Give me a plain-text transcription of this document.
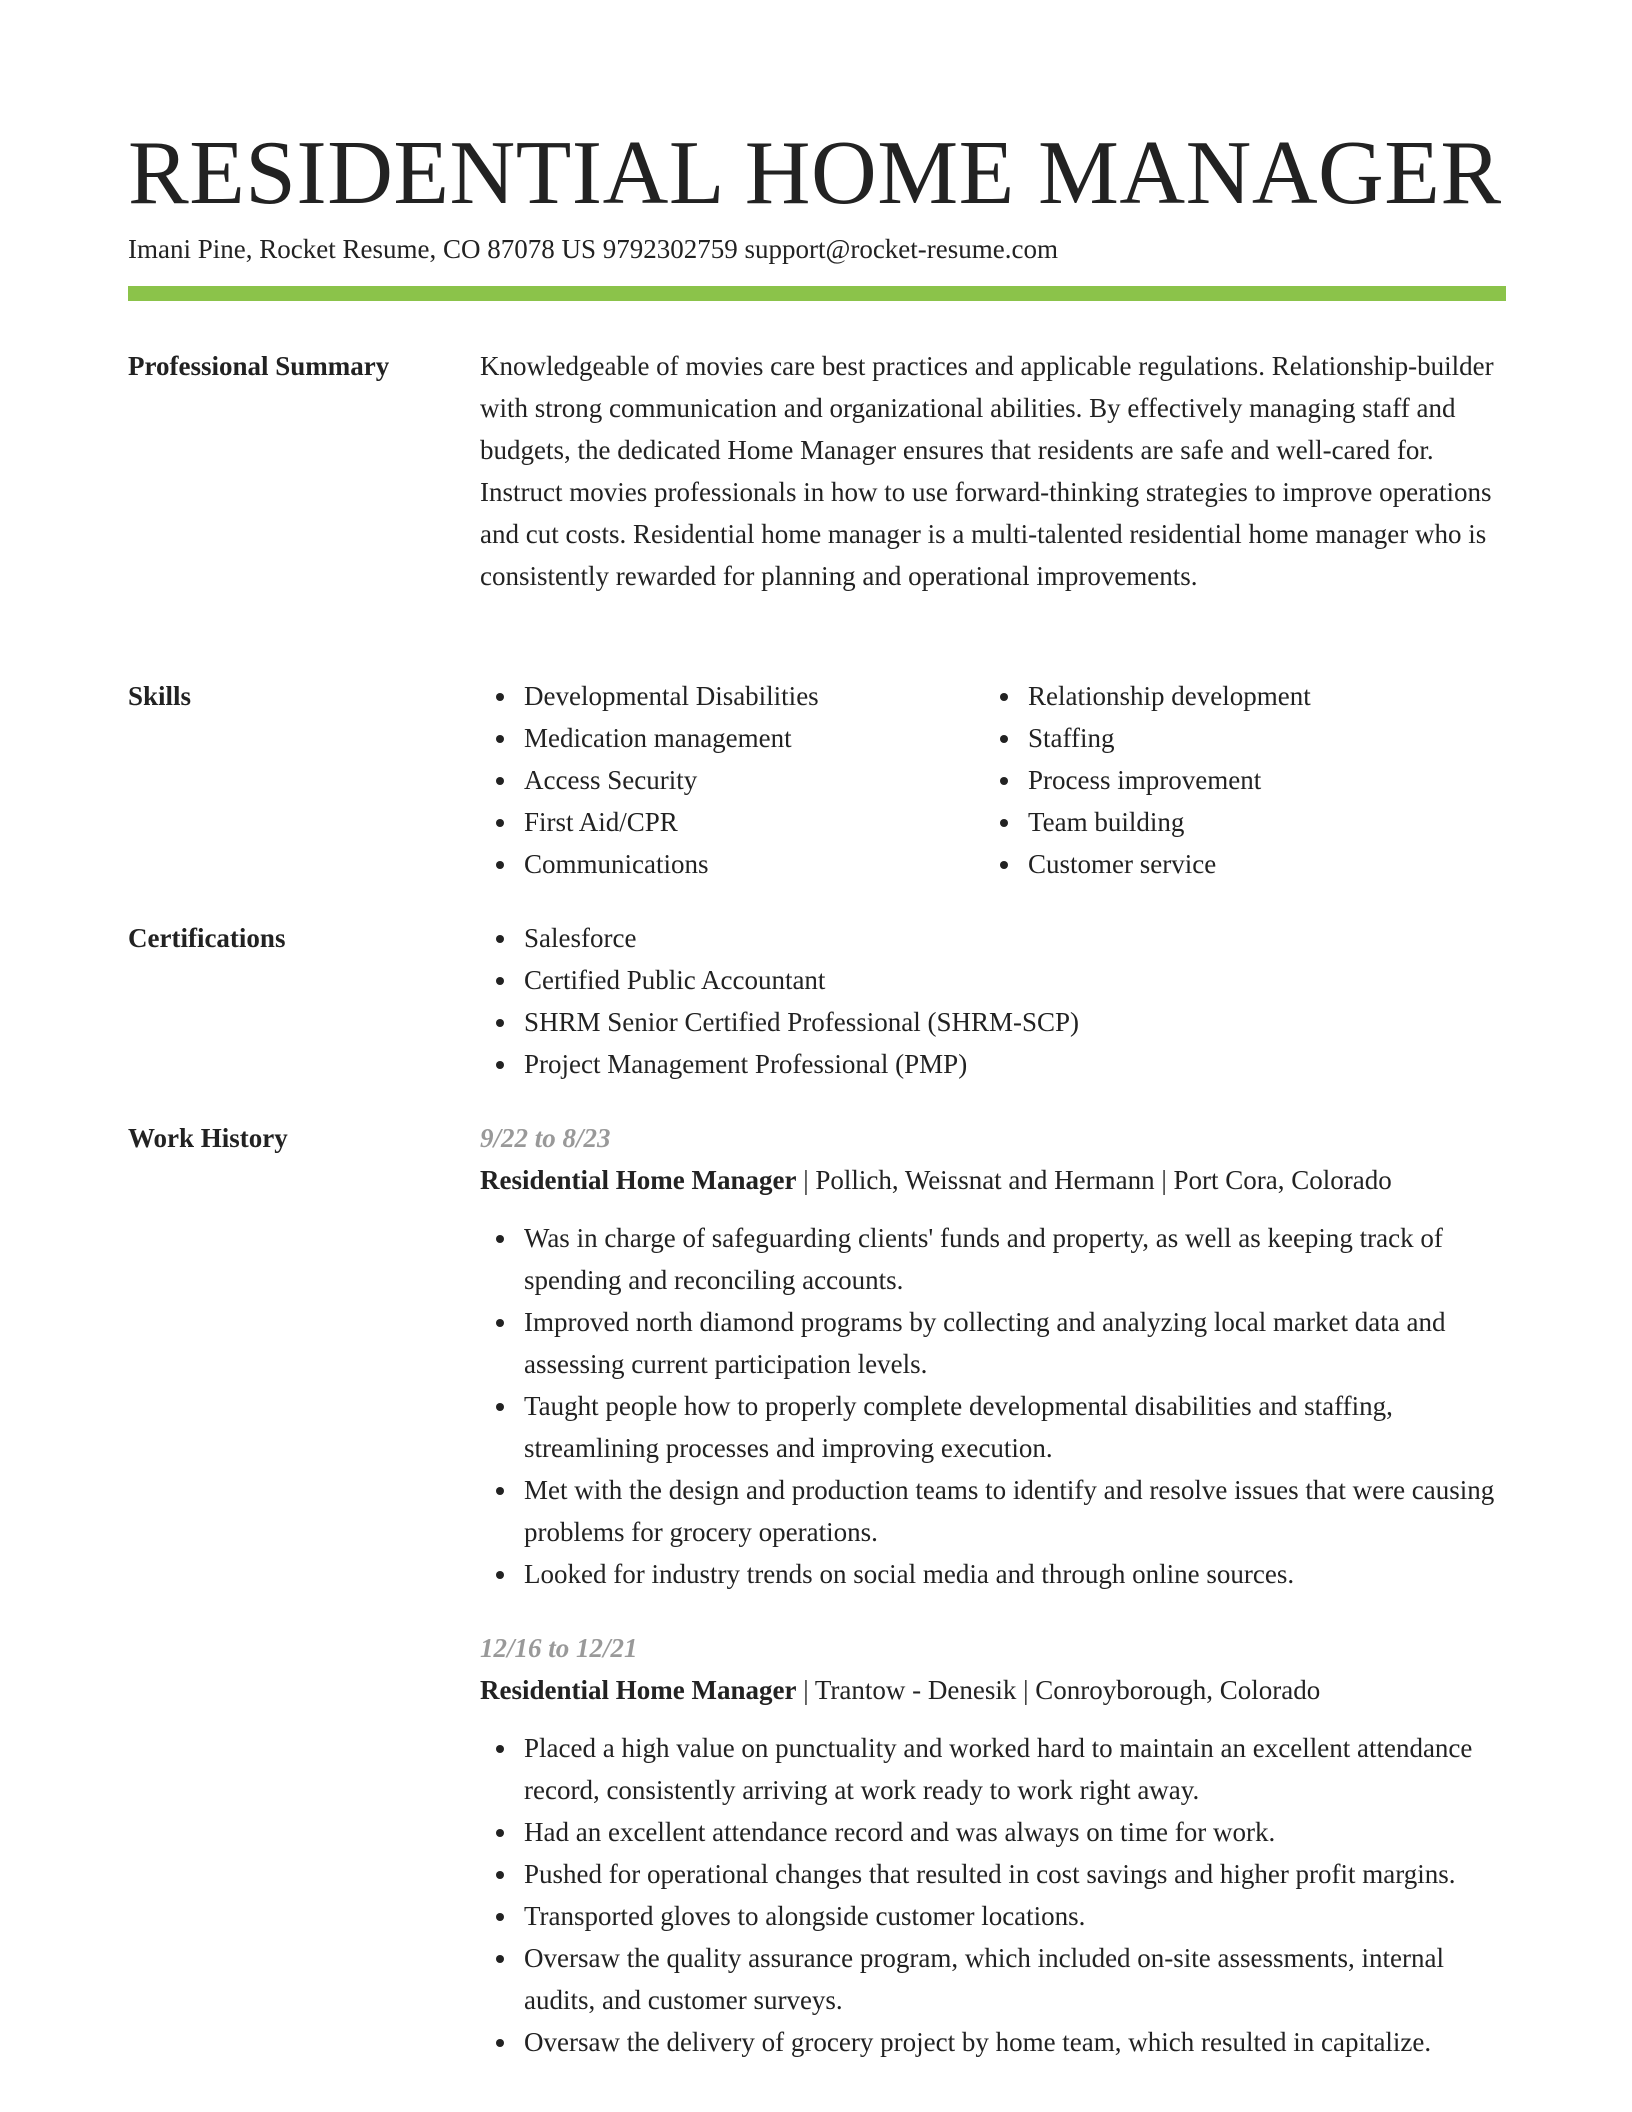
RESIDENTIAL HOME MANAGER
Imani Pine, Rocket Resume, CO 87078 US 9792302759 support@rocket-resume.com
Professional Summary	Knowledgeable of movies care best practices and applicable regulations. Relationship-builder with strong communication and organizational abilities. By effectively managing staff and budgets, the dedicated Home Manager ensures that residents are safe and well-cared for. Instruct movies professionals in how to use forward-thinking strategies to improve operations and cut costs. Residential home manager is a multi-talented residential home manager who is consistently rewarded for planning and operational improvements.

Skills	Developmental Disabilities
Medication management
Access Security
First Aid/CPR
Communications
Relationship development
Staffing
Process improvement
Team building
Customer service
Certifications	Salesforce
Certified Public Accountant
SHRM Senior Certified Professional (SHRM-SCP)
Project Management Professional (PMP)
Work History	9/22 to 8/23
Residential Home Manager | Pollich, Weissnat and Hermann | Port Cora, Colorado
Was in charge of safeguarding clients' funds and property, as well as keeping track of spending and reconciling accounts.
Improved north diamond programs by collecting and analyzing local market data and assessing current participation levels.
Taught people how to properly complete developmental disabilities and staffing, streamlining processes and improving execution.
Met with the design and production teams to identify and resolve issues that were causing problems for grocery operations.
Looked for industry trends on social media and through online sources.
12/16 to 12/21
Residential Home Manager | Trantow - Denesik | Conroyborough, Colorado
Placed a high value on punctuality and worked hard to maintain an excellent attendance record, consistently arriving at work ready to work right away.
Had an excellent attendance record and was always on time for work.
Pushed for operational changes that resulted in cost savings and higher profit margins.
Transported gloves to alongside customer locations.
Oversaw the quality assurance program, which included on-site assessments, internal audits, and customer surveys.
Oversaw the delivery of grocery project by home team, which resulted in capitalize.
